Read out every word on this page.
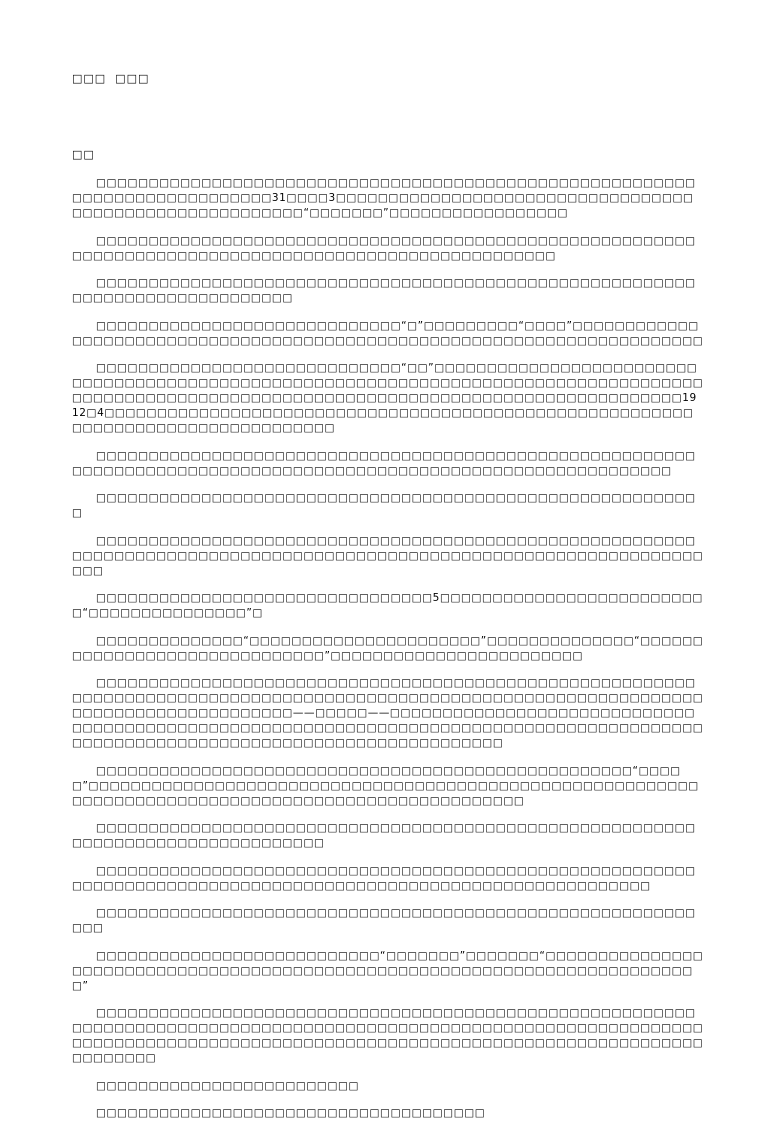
□□□  □□□
□□

□□□□□□□□□□□□□□□□□□□□□□□□□□□□□□□□□□□□□□□□□□□□□□□□□□□□□□□□□□□□□□□□□□□□□□□□□□□□31□□□□3□□□□□□□□□□□□□□□□□□□□□□□□□□□□□□□□□□□□□□□□□□□□□□□□□□□□□□□□“□□□□□□□”□□□□□□□□□□□□□□□□□

□□□□□□□□□□□□□□□□□□□□□□□□□□□□□□□□□□□□□□□□□□□□□□□□□□□□□□□□□□□□□□□□□□□□□□□□□□□□□□□□□□□□□□□□□□□□□□□□□□□□□□□

□□□□□□□□□□□□□□□□□□□□□□□□□□□□□□□□□□□□□□□□□□□□□□□□□□□□□□□□□□□□□□□□□□□□□□□□□□□□□□

□□□□□□□□□□□□□□□□□□□□□□□□□□□□□“□”□□□□□□□□□“□□□□”□□□□□□□□□□□□□□□□□□□□□□□□□□□□□□□□□□□□□□□□□□□□□□□□□□□□□□□□□□□□□□□□□□□□□□□□

□□□□□□□□□□□□□□□□□□□□□□□□□□□□□“□□”□□□□□□□□□□□□□□□□□□□□□□□□□□□□□□□□□□□□□□□□□□□□□□□□□□□□□□□□□□□□□□□□□□□□□□□□□□□□□□□□□□□□□□□□□□□□□□□□□□□□□□□□□□□□□□□□□□□□□□□□□□□□□□□□□□□□□□□□□□□□□□□1912□4□□□□□□□□□□□□□□□□□□□□□□□□□□□□□□□□□□□□□□□□□□□□□□□□□□□□□□□□□□□□□□□□□□□□□□□□□□□□□□□□□

□□□□□□□□□□□□□□□□□□□□□□□□□□□□□□□□□□□□□□□□□□□□□□□□□□□□□□□□□□□□□□□□□□□□□□□□□□□□□□□□□□□□□□□□□□□□□□□□□□□□□□□□□□□□□□□□□□

□□□□□□□□□□□□□□□□□□□□□□□□□□□□□□□□□□□□□□□□□□□□□□□□□□□□□□□□□□

□□□□□□□□□□□□□□□□□□□□□□□□□□□□□□□□□□□□□□□□□□□□□□□□□□□□□□□□□□□□□□□□□□□□□□□□□□□□□□□□□□□□□□□□□□□□□□□□□□□□□□□□□□□□□□□□□□□□□□□□

□□□□□□□□□□□□□□□□□□□□□□□□□□□□□□□□5□□□□□□□□□□□□□□□□□□□□□□□□□□“□□□□□□□□□□□□□□□”□

□□□□□□□□□□□□□□“□□□□□□□□□□□□□□□□□□□□□□”□□□□□□□□□□□□□□“□□□□□□□□□□□□□□□□□□□□□□□□□□□□□□”□□□□□□□□□□□□□□□□□□□□□□□□

□□□□□□□□□□□□□□□□□□□□□□□□□□□□□□□□□□□□□□□□□□□□□□□□□□□□□□□□□□□□□□□□□□□□□□□□□□□□□□□□□□□□□□□□□□□□□□□□□□□□□□□□□□□□□□□□□□□□□□□□□□□□□□□□□□□□□□□□□□——□□□□□——□□□□□□□□□□□□□□□□□□□□□□□□□□□□□□□□□□□□□□□□□□□□□□□□□□□□□□□□□□□□□□□□□□□□□□□□□□□□□□□□□□□□□□□□□□□□□□□□□□□□□□□□□□□□□□□□□□□□□□□□□□□□□□□□□□

□□□□□□□□□□□□□□□□□□□□□□□□□□□□□□□□□□□□□□□□□□□□□□□□□□□“□□□□□”□□□□□□□□□□□□□□□□□□□□□□□□□□□□□□□□□□□□□□□□□□□□□□□□□□□□□□□□□□□□□□□□□□□□□□□□□□□□□□□□□□□□□□□□□□□□□□□□□□□□□

□□□□□□□□□□□□□□□□□□□□□□□□□□□□□□□□□□□□□□□□□□□□□□□□□□□□□□□□□□□□□□□□□□□□□□□□□□□□□□□□□

□□□□□□□□□□□□□□□□□□□□□□□□□□□□□□□□□□□□□□□□□□□□□□□□□□□□□□□□□□□□□□□□□□□□□□□□□□□□□□□□□□□□□□□□□□□□□□□□□□□□□□□□□□□□□□□□

□□□□□□□□□□□□□□□□□□□□□□□□□□□□□□□□□□□□□□□□□□□□□□□□□□□□□□□□□□□□

□□□□□□□□□□□□□□□□□□□□□□□□□□□“□□□□□□□”□□□□□□□“□□□□□□□□□□□□□□□□□□□□□□□□□□□□□□□□□□□□□□□□□□□□□□□□□□□□□□□□□□□□□□□□□□□□□□□□□□□”

□□□□□□□□□□□□□□□□□□□□□□□□□□□□□□□□□□□□□□□□□□□□□□□□□□□□□□□□□□□□□□□□□□□□□□□□□□□□□□□□□□□□□□□□□□□□□□□□□□□□□□□□□□□□□□□□□□□□□□□□□□□□□□□□□□□□□□□□□□□□□□□□□□□□□□□□□□□□□□□□□□□□□□□□□□□□□□□□□□□□□□□□□

□□□□□□□□□□□□□□□□□□□□□□□□□

□□□□□□□□□□□□□□□□□□□□□□□□□□□□□□□□□□□□□
